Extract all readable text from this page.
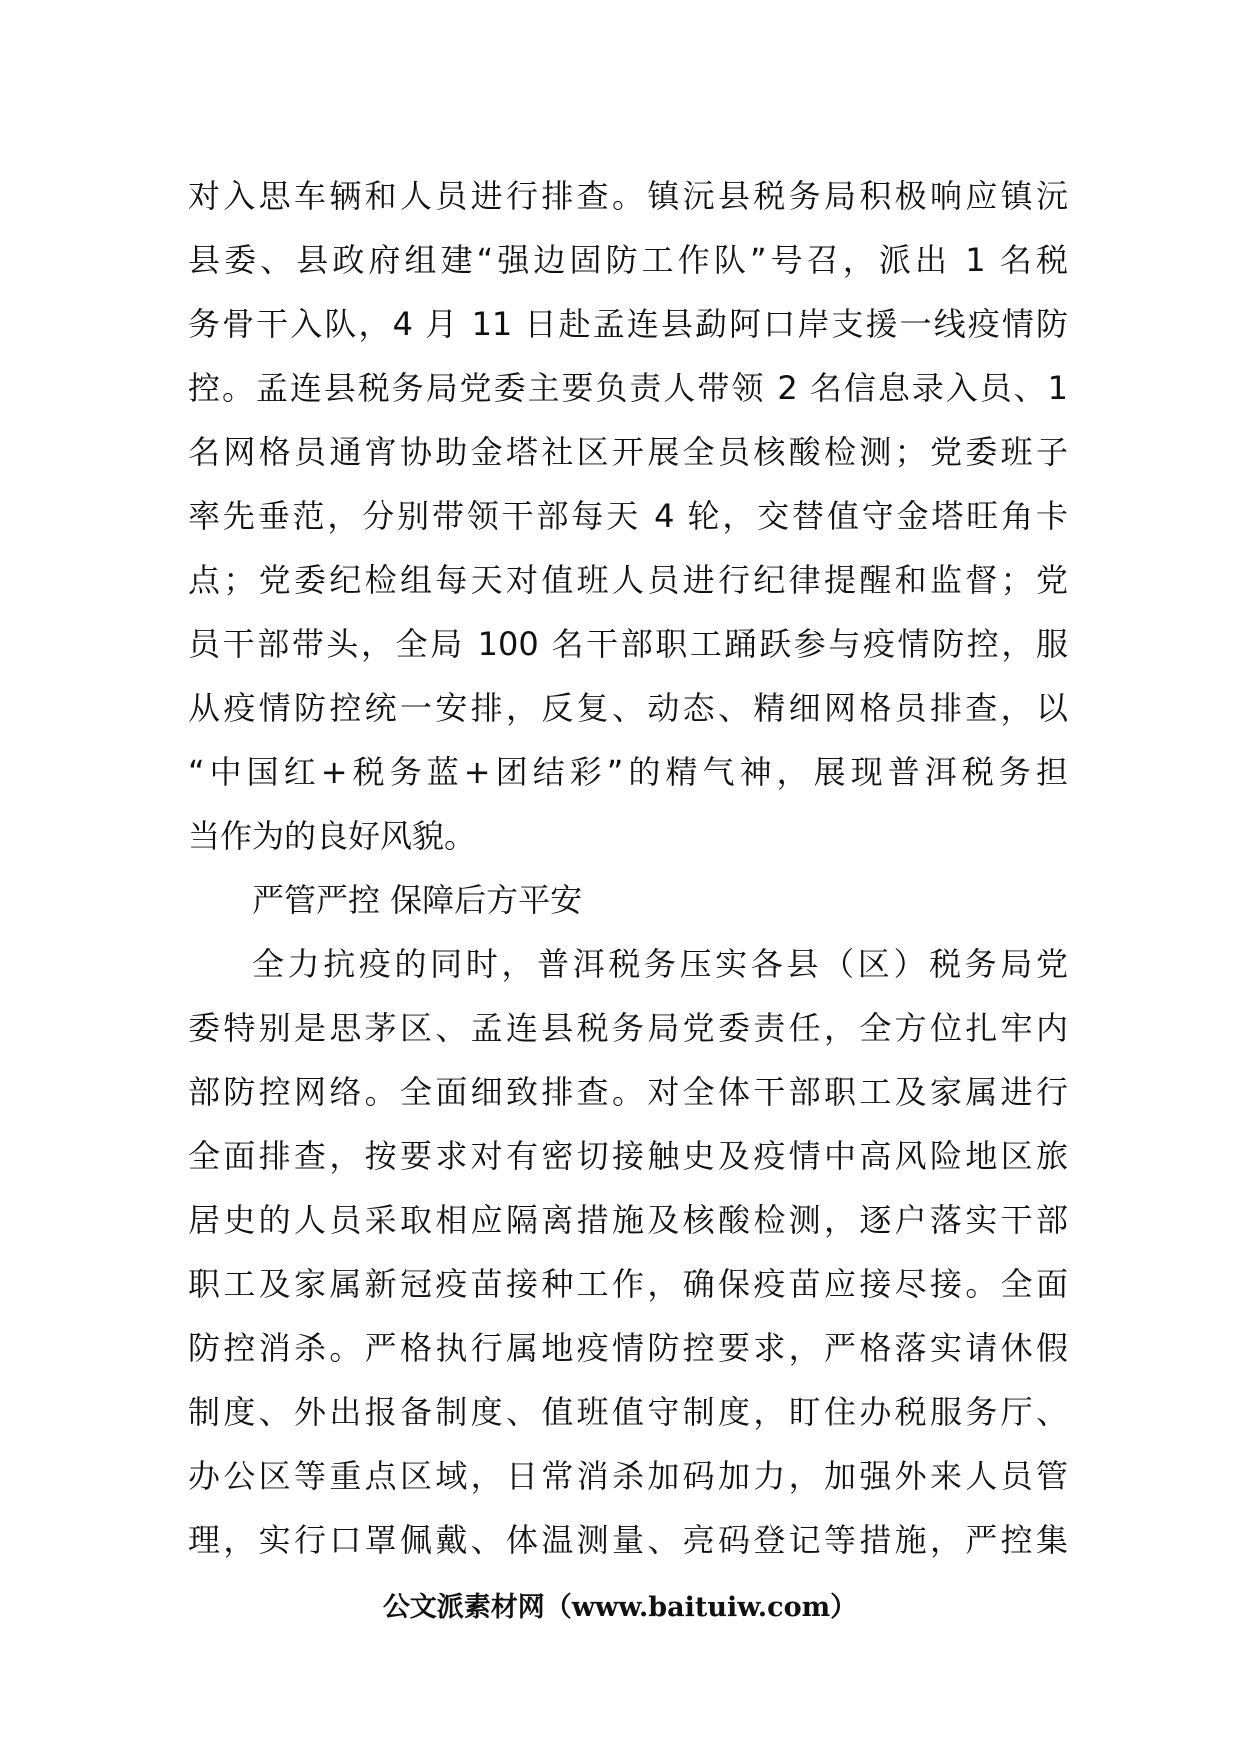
对入思车辆和人员进行排查。镇沅县税务局积极响应镇沅
县委、县政府组建“强边固防工作队”号召，派出 1 名税
务骨干入队，4 月 11 日赴孟连县勐阿口岸支援一线疫情防
控。孟连县税务局党委主要负责人带领 2 名信息录入员、1
名网格员通宵协助金塔社区开展全员核酸检测；党委班子
率先垂范，分别带领干部每天 4 轮，交替值守金塔旺角卡
点；党委纪检组每天对值班人员进行纪律提醒和监督；党
员干部带头，全局 100 名干部职工踊跃参与疫情防控，服
从疫情防控统一安排，反复、动态、精细网格员排查，以
“中国红+税务蓝+团结彩”的精气神，展现普洱税务担
当作为的良好风貌。
严管严控 保障后方平安
全力抗疫的同时，普洱税务压实各县（区）税务局党
委特别是思茅区、孟连县税务局党委责任，全方位扎牢内
部防控网络。全面细致排查。对全体干部职工及家属进行
全面排查，按要求对有密切接触史及疫情中高风险地区旅
居史的人员采取相应隔离措施及核酸检测，逐户落实干部
职工及家属新冠疫苗接种工作，确保疫苗应接尽接。全面
防控消杀。严格执行属地疫情防控要求，严格落实请休假
制度、外出报备制度、值班值守制度，盯住办税服务厅、
办公区等重点区域，日常消杀加码加力，加强外来人员管
理，实行口罩佩戴、体温测量、亮码登记等措施，严控集
公文派素材网（www.baituiw.com）
